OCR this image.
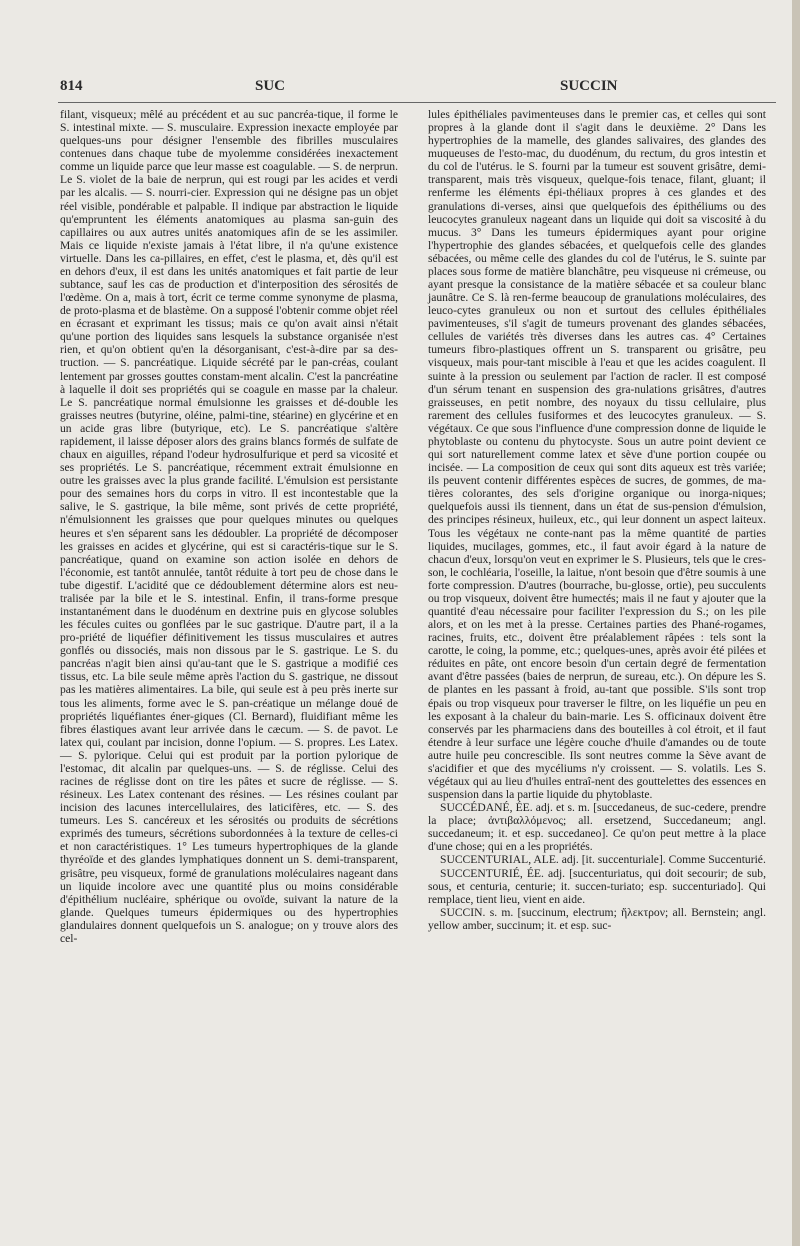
814	SUC	SUCCIN

filant, visqueux; mêlé au précédent et au suc pancréa-tique, il forme le S. intestinal mixte. — S. musculaire. Expression inexacte employée par quelques-uns pour désigner l'ensemble des fibrilles musculaires contenues dans chaque tube de myolemme considérées inexactement comme un liquide parce que leur masse est coagulable. — S. de nerprun. Le S. violet de la baie de nerprun, qui est rougi par les acides et verdi par les alcalis. — S. nourri-cier. Expression qui ne désigne pas un objet réel visible, pondérable et palpable. Il indique par abstraction le liquide qu'empruntent les éléments anatomiques au plasma san-guin des capillaires ou aux autres unités anatomiques afin de se les assimiler. Mais ce liquide n'existe jamais à l'état libre, il n'a qu'une existence virtuelle. Dans les ca-pillaires, en effet, c'est le plasma, et, dès qu'il est en dehors d'eux, il est dans les unités anatomiques et fait partie de leur subtance, sauf les cas de production et d'interposition des sérosités de l'œdème. On a, mais à tort, écrit ce terme comme synonyme de plasma, de proto-plasma et de blastème. On a supposé l'obtenir comme objet réel en écrasant et exprimant les tissus; mais ce qu'on avait ainsi n'était qu'une portion des liquides sans lesquels la substance organisée n'est rien, et qu'on obtient qu'en la désorganisant, c'est-à-dire par sa des-truction. — S. pancréatique. Liquide sécrété par le pan-créas, coulant lentement par grosses gouttes constam-ment alcalin. C'est la pancréatine à laquelle il doit ses propriétés qui se coagule en masse par la chaleur. Le S. pancréatique normal émulsionne les graisses et dé-double les graisses neutres (butyrine, oléine, palmi-tine, stéarine) en glycérine et en un acide gras libre (butyrique, etc). Le S. pancréatique s'altère rapidement, il laisse déposer alors des grains blancs formés de sulfate de chaux en aiguilles, répand l'odeur hydrosulfurique et perd sa vicosité et ses propriétés. Le S. pancréatique, récemment extrait émulsionne en outre les graisses avec la plus grande facilité. L'émulsion est persistante pour des semaines hors du corps in vitro. Il est incontestable que la salive, le S. gastrique, la bile même, sont privés de cette propriété, n'émulsionnent les graisses que pour quelques minutes ou quelques heures et s'en séparent sans les dédoubler. La propriété de décomposer les graisses en acides et glycérine, qui est si caractéris-tique sur le S. pancréatique, quand on examine son action isolée en dehors de l'économie, est tantôt annulée, tantôt réduite à tort peu de chose dans le tube digestif. L'acidité que ce dédoublement détermine alors est neu-tralisée par la bile et le S. intestinal. Enfin, il trans-forme presque instantanément dans le duodénum en dextrine puis en glycose solubles les fécules cuites ou gonflées par le suc gastrique. D'autre part, il a la pro-priété de liquéfier définitivement les tissus musculaires et autres gonflés ou dissociés, mais non dissous par le S. gastrique. Le S. du pancréas n'agit bien ainsi qu'au-tant que le S. gastrique a modifié ces tissus, etc. La bile seule même après l'action du S. gastrique, ne dissout pas les matières alimentaires. La bile, qui seule est à peu près inerte sur tous les aliments, forme avec le S. pan-créatique un mélange doué de propriétés liquéfiantes éner-giques (Cl. Bernard), fluidifiant même les fibres élastiques avant leur arrivée dans le cæcum. — S. de pavot. Le latex qui, coulant par incision, donne l'opium. — S. propres. Les Latex. — S. pylorique. Celui qui est produit par la portion pylorique de l'estomac, dit alcalin par quelques-uns. — S. de réglisse. Celui des racines de réglisse dont on tire les pâtes et sucre de réglisse. — S. résineux. Les Latex contenant des résines. — Les résines coulant par incision des lacunes intercellulaires, des laticifères, etc. — S. des tumeurs. Les S. cancéreux et les sérosités ou produits de sécrétions exprimés des tumeurs, sécrétions subordonnées à la texture de celles-ci et non caractéristiques. 1° Les tumeurs hypertrophiques de la glande thyréoïde et des glandes lymphatiques donnent un S. demi-transparent, grisâtre, peu visqueux, formé de granulations moléculaires nageant dans un liquide incolore avec une quantité plus ou moins considérable d'épithélium nucléaire, sphérique ou ovoïde, suivant la nature de la glande. Quelques tumeurs épidermiques ou des hypertrophies glandulaires donnent quelquefois un S. analogue; on y trouve alors des cel-

lules épithéliales pavimenteuses dans le premier cas, et celles qui sont propres à la glande dont il s'agit dans le deuxième. 2° Dans les hypertrophies de la mamelle, des glandes salivaires, des glandes des muqueuses de l'esto-mac, du duodénum, du rectum, du gros intestin et du col de l'utérus. le S. fourni par la tumeur est souvent grisâtre, demi-transparent, mais très visqueux, quelque-fois tenace, filant, gluant; il renferme les éléments épi-théliaux propres à ces glandes et des granulations di-verses, ainsi que quelquefois des épithéliums ou des leucocytes granuleux nageant dans un liquide qui doit sa viscosité à du mucus. 3° Dans les tumeurs épidermiques ayant pour origine l'hypertrophie des glandes sébacées, et quelquefois celle des glandes sébacées, ou même celle des glandes du col de l'utérus, le S. suinte par places sous forme de matière blanchâtre, peu visqueuse ni crémeuse, ou ayant presque la consistance de la matière sébacée et sa couleur blanc jaunâtre. Ce S. là ren-ferme beaucoup de granulations moléculaires, des leuco-cytes granuleux ou non et surtout des cellules épithéliales pavimenteuses, s'il s'agit de tumeurs provenant des glandes sébacées, cellules de variétés très diverses dans les autres cas. 4° Certaines tumeurs fibro-plastiques offrent un S. transparent ou grisâtre, peu visqueux, mais pour-tant miscible à l'eau et que les acides coagulent. Il suinte à la pression ou seulement par l'action de racler. Il est composé d'un sérum tenant en suspension des gra-nulations grisâtres, d'autres graisseuses, en petit nombre, des noyaux du tissu cellulaire, plus rarement des cellules fusiformes et des leucocytes granuleux. — S. végétaux. Ce que sous l'influence d'une compression donne de liquide le phytoblaste ou contenu du phytocyste. Sous un autre point devient ce qui sort naturellement comme latex et sève d'une portion coupée ou incisée. — La composition de ceux qui sont dits aqueux est très variée; ils peuvent contenir différentes espèces de sucres, de gommes, de ma-tières colorantes, des sels d'origine organique ou inorga-niques; quelquefois aussi ils tiennent, dans un état de sus-pension d'émulsion, des principes résineux, huileux, etc., qui leur donnent un aspect laiteux. Tous les végétaux ne conte-nant pas la même quantité de parties liquides, mucilages, gommes, etc., il faut avoir égard à la nature de chacun d'eux, lorsqu'on veut en exprimer le S. Plusieurs, tels que le cres-son, le cochléaria, l'oseille, la laitue, n'ont besoin que d'être soumis à une forte compression. D'autres (bourrache, bu-glosse, ortie), peu succulents ou trop visqueux, doivent être humectés; mais il ne faut y ajouter que la quantité d'eau nécessaire pour faciliter l'expression du S.; on les pile alors, et on les met à la presse. Certaines parties des Phané-rogames, racines, fruits, etc., doivent être préalablement râpées : tels sont la carotte, le coing, la pomme, etc.; quelques-unes, après avoir été pilées et réduites en pâte, ont encore besoin d'un certain degré de fermentation avant d'être passées (baies de nerprun, de sureau, etc.). On dépure les S. de plantes en les passant à froid, au-tant que possible. S'ils sont trop épais ou trop visqueux pour traverser le filtre, on les liquéfie un peu en les exposant à la chaleur du bain-marie. Les S. officinaux doivent être conservés par les pharmaciens dans des bouteilles à col étroit, et il faut étendre à leur surface une légère couche d'huile d'amandes ou de toute autre huile peu concrescible. Ils sont neutres comme la Sève avant de s'acidifier et que des mycéliums n'y croissent. — S. volatils. Les S. végétaux qui au lieu d'huiles entraî-nent des gouttelettes des essences en suspension dans la partie liquide du phytoblaste.

SUCCÉDANÉ, ÉE. adj. et s. m. [succedaneus, de suc-cedere, prendre la place; ἀντιβαλλόμενος; all. ersetzend, Succedaneum; angl. succedaneum; it. et esp. succedaneo]. Ce qu'on peut mettre à la place d'une chose; qui en a les propriétés.

SUCCENTURIAL, ALE. adj. [it. succenturiale]. Comme Succenturié.

SUCCENTURIÉ, ÉE. adj. [succenturiatus, qui doit secourir; de sub, sous, et centuria, centurie; it. succen-turiato; esp. succenturiado]. Qui remplace, tient lieu, vient en aide.

SUCCIN. s. m. [succinum, electrum; ἤλεκτρον; all. Bernstein; angl. yellow amber, succinum; it. et esp. suc-
